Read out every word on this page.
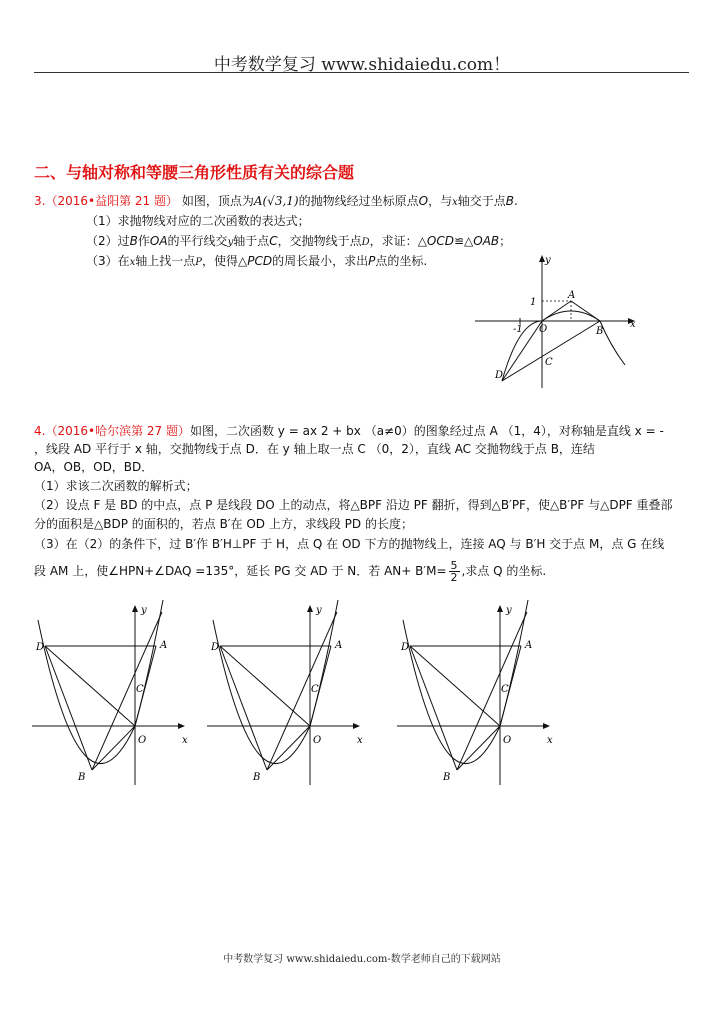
中考数学复习 www.shidaiedu.com！
二、与轴对称和等腰三角形性质有关的综合题
3.（2016•益阳第 21 题） 如图，顶点为A(√3,1)的抛物线经过坐标原点O，与x轴交于点B.
（1）求抛物线对应的二次函数的表达式；
（2）过B作OA的平行线交y轴于点C，交抛物线于点D，求证：△OCD≌△OAB；
（3）在x轴上找一点P，使得△PCD的周长最小，求出P点的坐标.	y
x
A
1
-1 O	B
C
D
4.（2016•哈尔滨第 27 题）如图，二次函数 y = ax 2 + bx （a≠0）的图象经过点 A （1，4），对称轴是直线 x = -
，线段 AD 平行于 x 轴，交抛物线于点 D．在 y 轴上取一点 C （0，2），直线 AC 交抛物线于点 B，连结
OA，OB，OD，BD．
（1）求该二次函数的解析式；
（2）设点 F 是 BD 的中点，点 P 是线段 DO 上的动点，将△BPF 沿边 PF 翻折，得到△B′PF，使△B′PF 与△DPF 重叠部
分的面积是△BDP 的面积的，若点 B′在 OD 上方，求线段 PD 的长度；
（3）在（2）的条件下，过 B′作 B′H⊥PF 于 H，点 Q 在 OD 下方的抛物线上，连接 AQ 与 B′H 交于点 M，点 G 在线
段 AM 上，使∠HPN+∠DAQ =135°，延长 PG 交 AD 于 N．若 $AN+ B'M= \frac{5}{2}$ ,求点 Q 的坐标.
y
x
A
D
C
O
B
y
x
A
D
C
O
B
y
x
A
D
C
O
B
中考数学复习 www.shidaiedu.com-数学老师自己的下载网站
